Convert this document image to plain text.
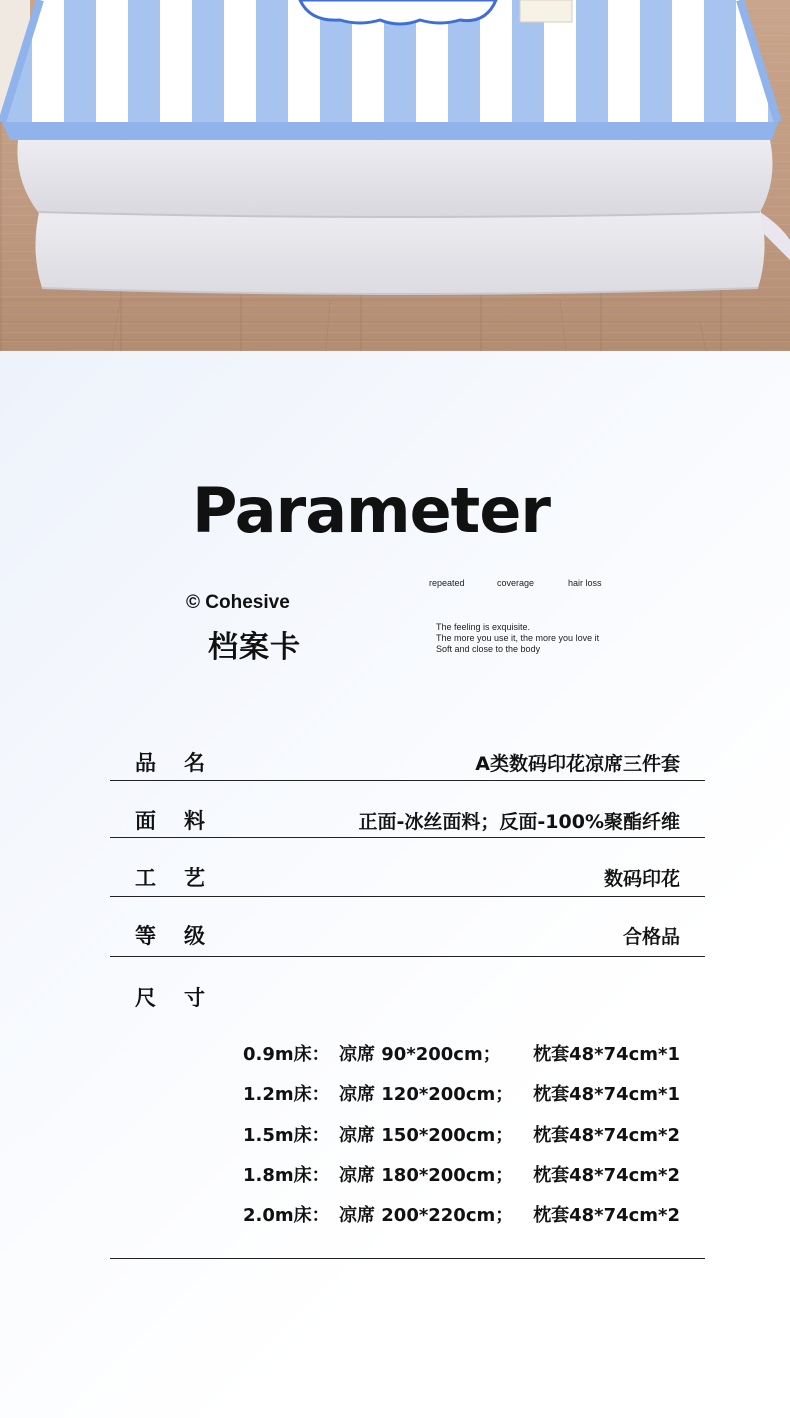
Parameter
© Cohesive
档案卡
repeated	coverage	hair loss
The feeling is exquisite.
The more you use it, the more you love it
Soft and close to the body
品名	A类数码印花凉席三件套
面料	正面-冰丝面料；反面-100%聚酯纤维
工艺	数码印花
等级	合格品
尺寸
0.9m床： 凉席 90*200cm； 枕套48*74cm*1
1.2m床： 凉席 120*200cm； 枕套48*74cm*1
1.5m床： 凉席 150*200cm； 枕套48*74cm*2
1.8m床： 凉席 180*200cm； 枕套48*74cm*2
2.0m床： 凉席 200*220cm； 枕套48*74cm*2
